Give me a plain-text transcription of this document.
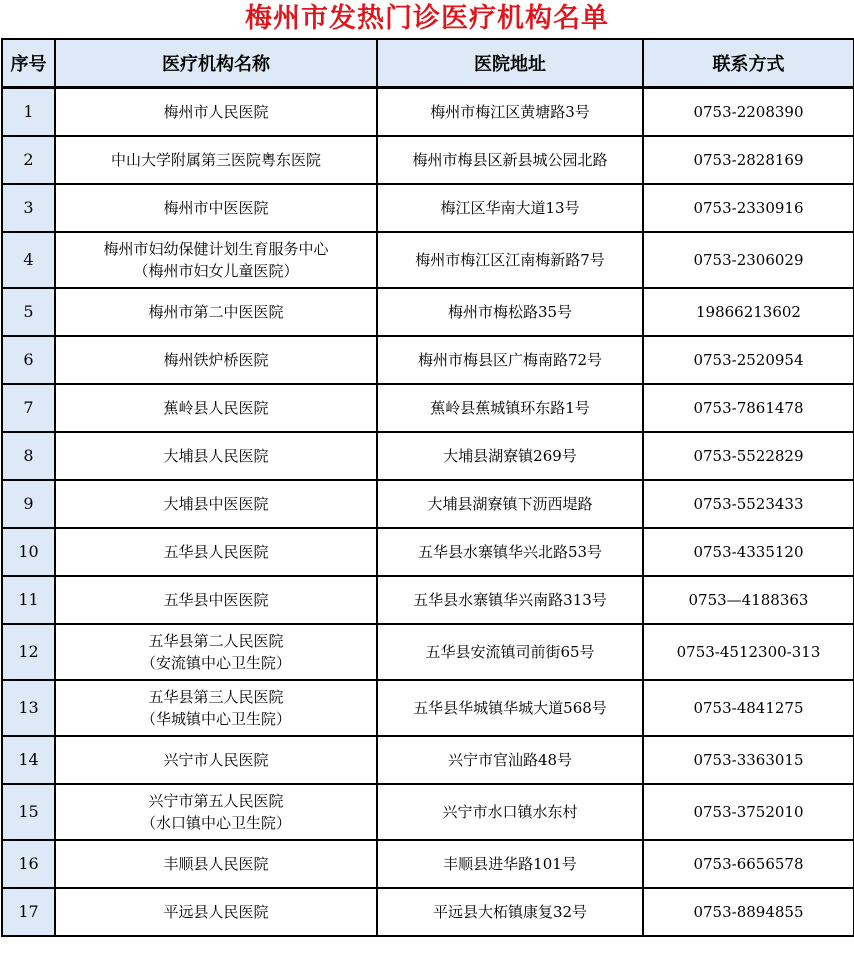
梅州市发热门诊医疗机构名单
序号	医疗机构名称	医院地址	联系方式
1	梅州市人民医院	梅州市梅江区黄塘路3号	0753-2208390
2	中山大学附属第三医院粤东医院	梅州市梅县区新县城公园北路	0753-2828169
3	梅州市中医医院	梅江区华南大道13号	0753-2330916
4	梅州市妇幼保健计划生育服务中心
（梅州市妇女儿童医院）	梅州市梅江区江南梅新路7号	0753-2306029
5	梅州市第二中医医院	梅州市梅松路35号	19866213602
6	梅州铁炉桥医院	梅州市梅县区广梅南路72号	0753-2520954
7	蕉岭县人民医院	蕉岭县蕉城镇环东路1号	0753-7861478
8	大埔县人民医院	大埔县湖寮镇269号	0753-5522829
9	大埔县中医医院	大埔县湖寮镇下沥西堤路	0753-5523433
10	五华县人民医院	五华县水寨镇华兴北路53号	0753-4335120
11	五华县中医医院	五华县水寨镇华兴南路313号	0753—4188363
12	五华县第二人民医院
（安流镇中心卫生院）	五华县安流镇司前街65号	0753-4512300-313
13	五华县第三人民医院
（华城镇中心卫生院）	五华县华城镇华城大道568号	0753-4841275
14	兴宁市人民医院	兴宁市官汕路48号	0753-3363015
15	兴宁市第五人民医院
（水口镇中心卫生院）	兴宁市水口镇水东村	0753-3752010
16	丰顺县人民医院	丰顺县进华路101号	0753-6656578
17	平远县人民医院	平远县大柘镇康复32号	0753-8894855
